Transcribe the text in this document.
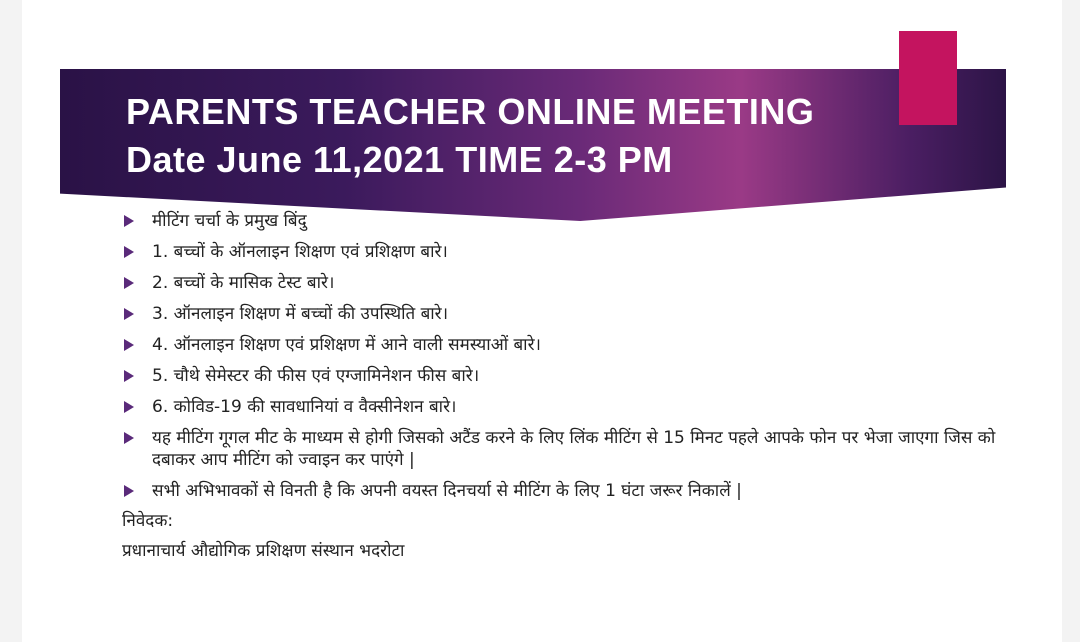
PARENTS TEACHER ONLINE MEETING
Date June 11,2021 TIME 2-3 PM
मीटिंग चर्चा के प्रमुख बिंदु
1. बच्चों के ऑनलाइन शिक्षण एवं प्रशिक्षण बारे।
2. बच्चों के मासिक टेस्ट बारे।
3. ऑनलाइन शिक्षण में बच्चों की उपस्थिति बारे।
4. ऑनलाइन शिक्षण एवं प्रशिक्षण में आने वाली समस्याओं बारे।
5. चौथे सेमेस्टर की फीस एवं एग्जामिनेशन फीस बारे।
6. कोविड-19 की सावधानियां व वैक्सीनेशन बारे।
यह मीटिंग गूगल मीट के माध्यम से होगी जिसको अटैंड करने के लिए लिंक मीटिंग से 15 मिनट पहले आपके फोन पर भेजा जाएगा जिस को दबाकर आप मीटिंग को ज्वाइन कर पाएंगे |
सभी अभिभावकों से विनती है कि अपनी वयस्त दिनचर्या से मीटिंग के लिए 1 घंटा जरूर निकालें |
निवेदक:
प्रधानाचार्य औद्योगिक प्रशिक्षण संस्थान भदरोटा
